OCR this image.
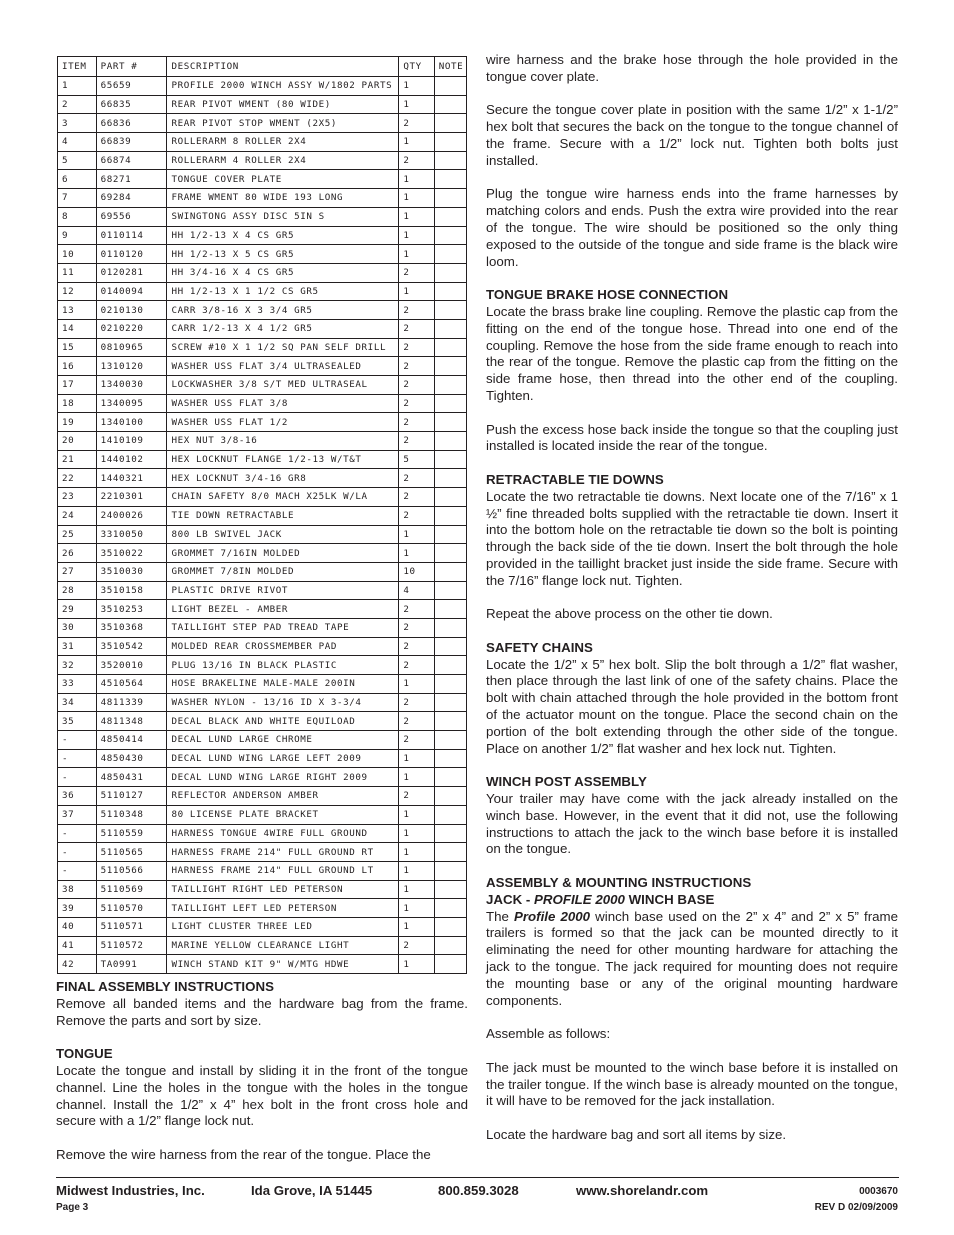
ITEM	PART #	DESCRIPTION	QTY	NOTE
1	65659	PROFILE 2000 WINCH ASSY W/1802 PARTS	1	
2	66835	REAR PIVOT WMENT (80 WIDE)	1	
3	66836	REAR PIVOT STOP WMENT (2X5)	2	
4	66839	ROLLERARM 8 ROLLER 2X4	1	
5	66874	ROLLERARM 4 ROLLER 2X4	2	
6	68271	TONGUE COVER PLATE	1	
7	69284	FRAME WMENT 80 WIDE 193 LONG	1	
8	69556	SWINGTONG ASSY DISC 5IN S	1	
9	0110114	HH 1/2-13 X 4 CS GR5	1	
10	0110120	HH 1/2-13 X 5 CS GR5	1	
11	0120281	HH 3/4-16 X 4 CS GR5	2	
12	0140094	HH 1/2-13 X 1 1/2 CS GR5	1	
13	0210130	CARR 3/8-16 X 3 3/4 GR5	2	
14	0210220	CARR 1/2-13 X 4 1/2 GR5	2	
15	0810965	SCREW #10 X 1 1/2 SQ PAN SELF DRILL	2	
16	1310120	WASHER USS FLAT 3/4 ULTRASEALED	2	
17	1340030	LOCKWASHER 3/8 S/T MED ULTRASEAL	2	
18	1340095	WASHER USS FLAT 3/8	2	
19	1340100	WASHER USS FLAT 1/2	2	
20	1410109	HEX NUT 3/8-16	2	
21	1440102	HEX LOCKNUT FLANGE 1/2-13 W/T&T	5	
22	1440321	HEX LOCKNUT 3/4-16 GR8	2	
23	2210301	CHAIN SAFETY 8/0 MACH X25LK W/LA	2	
24	2400026	TIE DOWN RETRACTABLE	2	
25	3310050	800 LB SWIVEL JACK	1	
26	3510022	GROMMET 7/16IN MOLDED	1	
27	3510030	GROMMET 7/8IN MOLDED	10	
28	3510158	PLASTIC DRIVE RIVOT	4	
29	3510253	LIGHT BEZEL - AMBER	2	
30	3510368	TAILLIGHT STEP PAD TREAD TAPE	2	
31	3510542	MOLDED REAR CROSSMEMBER PAD	2	
32	3520010	PLUG 13/16 IN BLACK PLASTIC	2	
33	4510564	HOSE BRAKELINE MALE-MALE 200IN	1	
34	4811339	WASHER NYLON - 13/16 ID X 3-3/4	2	
35	4811348	DECAL BLACK AND WHITE EQUILOAD	2	
-	4850414	DECAL LUND LARGE CHROME	2	
-	4850430	DECAL LUND WING LARGE LEFT 2009	1	
-	4850431	DECAL LUND WING LARGE RIGHT 2009	1	
36	5110127	REFLECTOR ANDERSON AMBER	2	
37	5110348	80 LICENSE PLATE BRACKET	1	
-	5110559	HARNESS TONGUE 4WIRE FULL GROUND	1	
-	5110565	HARNESS FRAME 214" FULL GROUND RT	1	
-	5110566	HARNESS FRAME 214" FULL GROUND LT	1	
38	5110569	TAILLIGHT RIGHT LED PETERSON	1	
39	5110570	TAILLIGHT LEFT LED PETERSON	1	
40	5110571	LIGHT CLUSTER THREE LED	1	
41	5110572	MARINE YELLOW CLEARANCE LIGHT	2	
42	TA0991	WINCH STAND KIT 9" W/MTG HDWE	1	
FINAL ASSEMBLY INSTRUCTIONS

Remove all banded items and the hardware bag from the frame. Remove the parts and sort by size.

TONGUE

Locate the tongue and install by sliding it in the front of the tongue channel. Line the holes in the tongue with the holes in the tongue channel. Install the 1/2” x 4” hex bolt in the front cross hole and secure with a 1/2” flange lock nut.

Remove the wire harness from the rear of the tongue. Place the

wire harness and the brake hose through the hole provided in the tongue cover plate.

Secure the tongue cover plate in position with the same 1/2” x 1-1/2” hex bolt that secures the back on the tongue to the tongue channel of the frame. Secure with a 1/2” lock nut. Tighten both bolts just installed.

Plug the tongue wire harness ends into the frame harnesses by matching colors and ends. Push the extra wire provided into the rear of the tongue. The wire should be positioned so the only thing exposed to the outside of the tongue and side frame is the black wire loom.

TONGUE BRAKE HOSE CONNECTION

Locate the brass brake line coupling. Remove the plastic cap from the fitting on the end of the tongue hose. Thread into one end of the coupling. Remove the hose from the side frame enough to reach into the rear of the tongue. Remove the plastic cap from the fitting on the side frame hose, then thread into the other end of the coupling. Tighten.

Push the excess hose back inside the tongue so that the coupling just installed is located inside the rear of the tongue.

RETRACTABLE TIE DOWNS

Locate the two retractable tie downs. Next locate one of the 7/16” x 1 ½” fine threaded bolts supplied with the retractable tie down. Insert it into the bottom hole on the retractable tie down so the bolt is pointing through the back side of the tie down. Insert the bolt through the hole provided in the taillight bracket just inside the side frame. Secure with the 7/16” flange lock nut. Tighten.

Repeat the above process on the other tie down.

SAFETY CHAINS

Locate the 1/2” x 5” hex bolt. Slip the bolt through a 1/2” flat washer, then place through the last link of one of the safety chains. Place the bolt with chain attached through the hole provided in the bottom front of the actuator mount on the tongue. Place the second chain on the portion of the bolt extending through the other side of the tongue. Place on another 1/2” flat washer and hex lock nut. Tighten.

WINCH POST ASSEMBLY

Your trailer may have come with the jack already installed on the winch base. However, in the event that it did not, use the following instructions to attach the jack to the winch base before it is installed on the tongue.

ASSEMBLY & MOUNTING INSTRUCTIONS
JACK - PROFILE 2000 WINCH BASE

The Profile 2000 winch base used on the 2” x 4” and 2” x 5” frame trailers is formed so that the jack can be mounted directly to it eliminating the need for other mounting hardware for attaching the jack to the tongue. The jack required for mounting does not require the mounting base or any of the original mounting hardware components.

Assemble as follows:

The jack must be mounted to the winch base before it is installed on the trailer tongue. If the winch base is already mounted on the tongue, it will have to be removed for the jack installation.

Locate the hardware bag and sort all items by size.

Midwest Industries, Inc.	Ida Grove, IA 51445	800.859.3028	www.shorelandr.com	0003670
Page 3	REV D 02/09/2009
